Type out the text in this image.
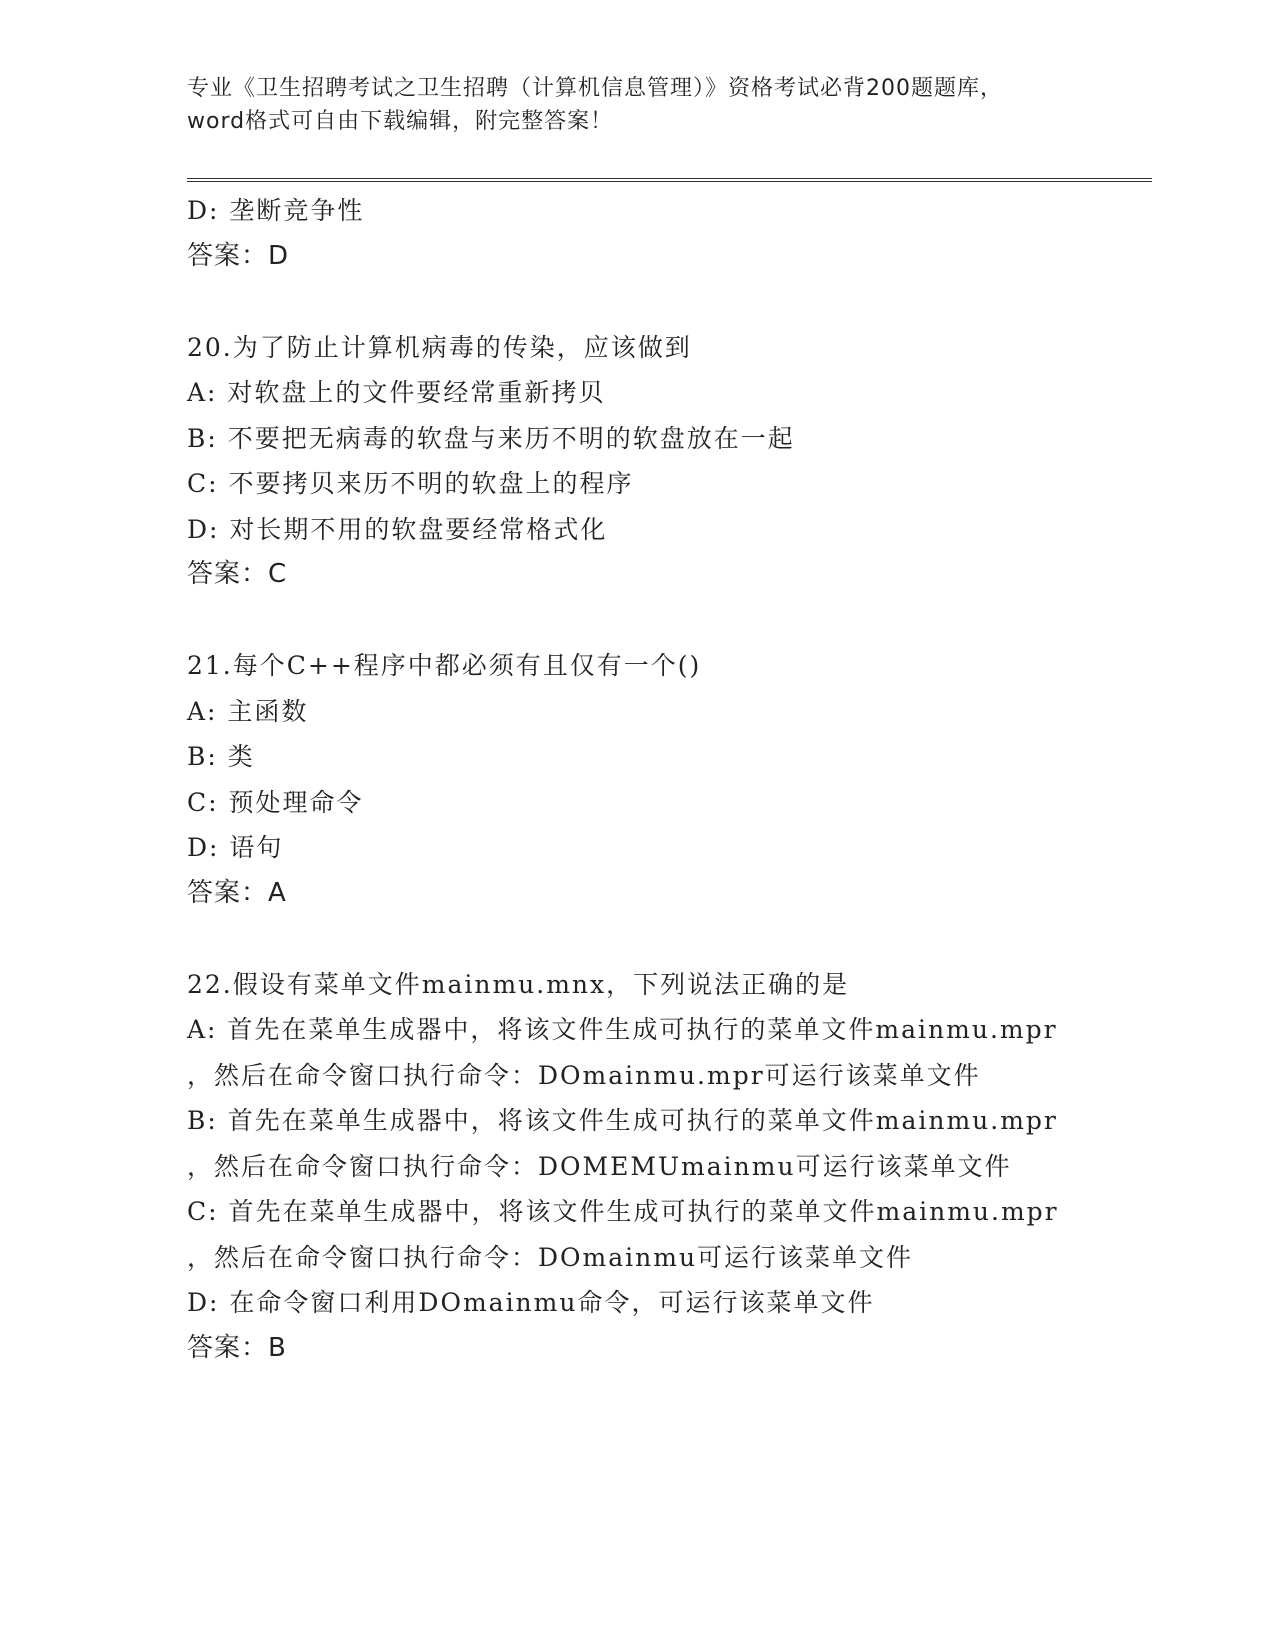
专业《卫生招聘考试之卫生招聘（计算机信息管理）》资格考试必背200题题库，
word格式可自由下载编辑，附完整答案！
D: 垄断竞争性
答案：D
20.为了防止计算机病毒的传染，应该做到
A: 对软盘上的文件要经常重新拷贝
B: 不要把无病毒的软盘与来历不明的软盘放在一起
C: 不要拷贝来历不明的软盘上的程序
D: 对长期不用的软盘要经常格式化
答案：C
21.每个C++程序中都必须有且仅有一个()
A: 主函数
B: 类
C: 预处理命令
D: 语句
答案：A
22.假设有菜单文件mainmu.mnx，下列说法正确的是
A: 首先在菜单生成器中，将该文件生成可执行的菜单文件mainmu.mpr
，然后在命令窗口执行命令：DOmainmu.mpr可运行该菜单文件
B: 首先在菜单生成器中，将该文件生成可执行的菜单文件mainmu.mpr
，然后在命令窗口执行命令：DOMEMUmainmu可运行该菜单文件
C: 首先在菜单生成器中，将该文件生成可执行的菜单文件mainmu.mpr
，然后在命令窗口执行命令：DOmainmu可运行该菜单文件
D: 在命令窗口利用DOmainmu命令，可运行该菜单文件
答案：B
